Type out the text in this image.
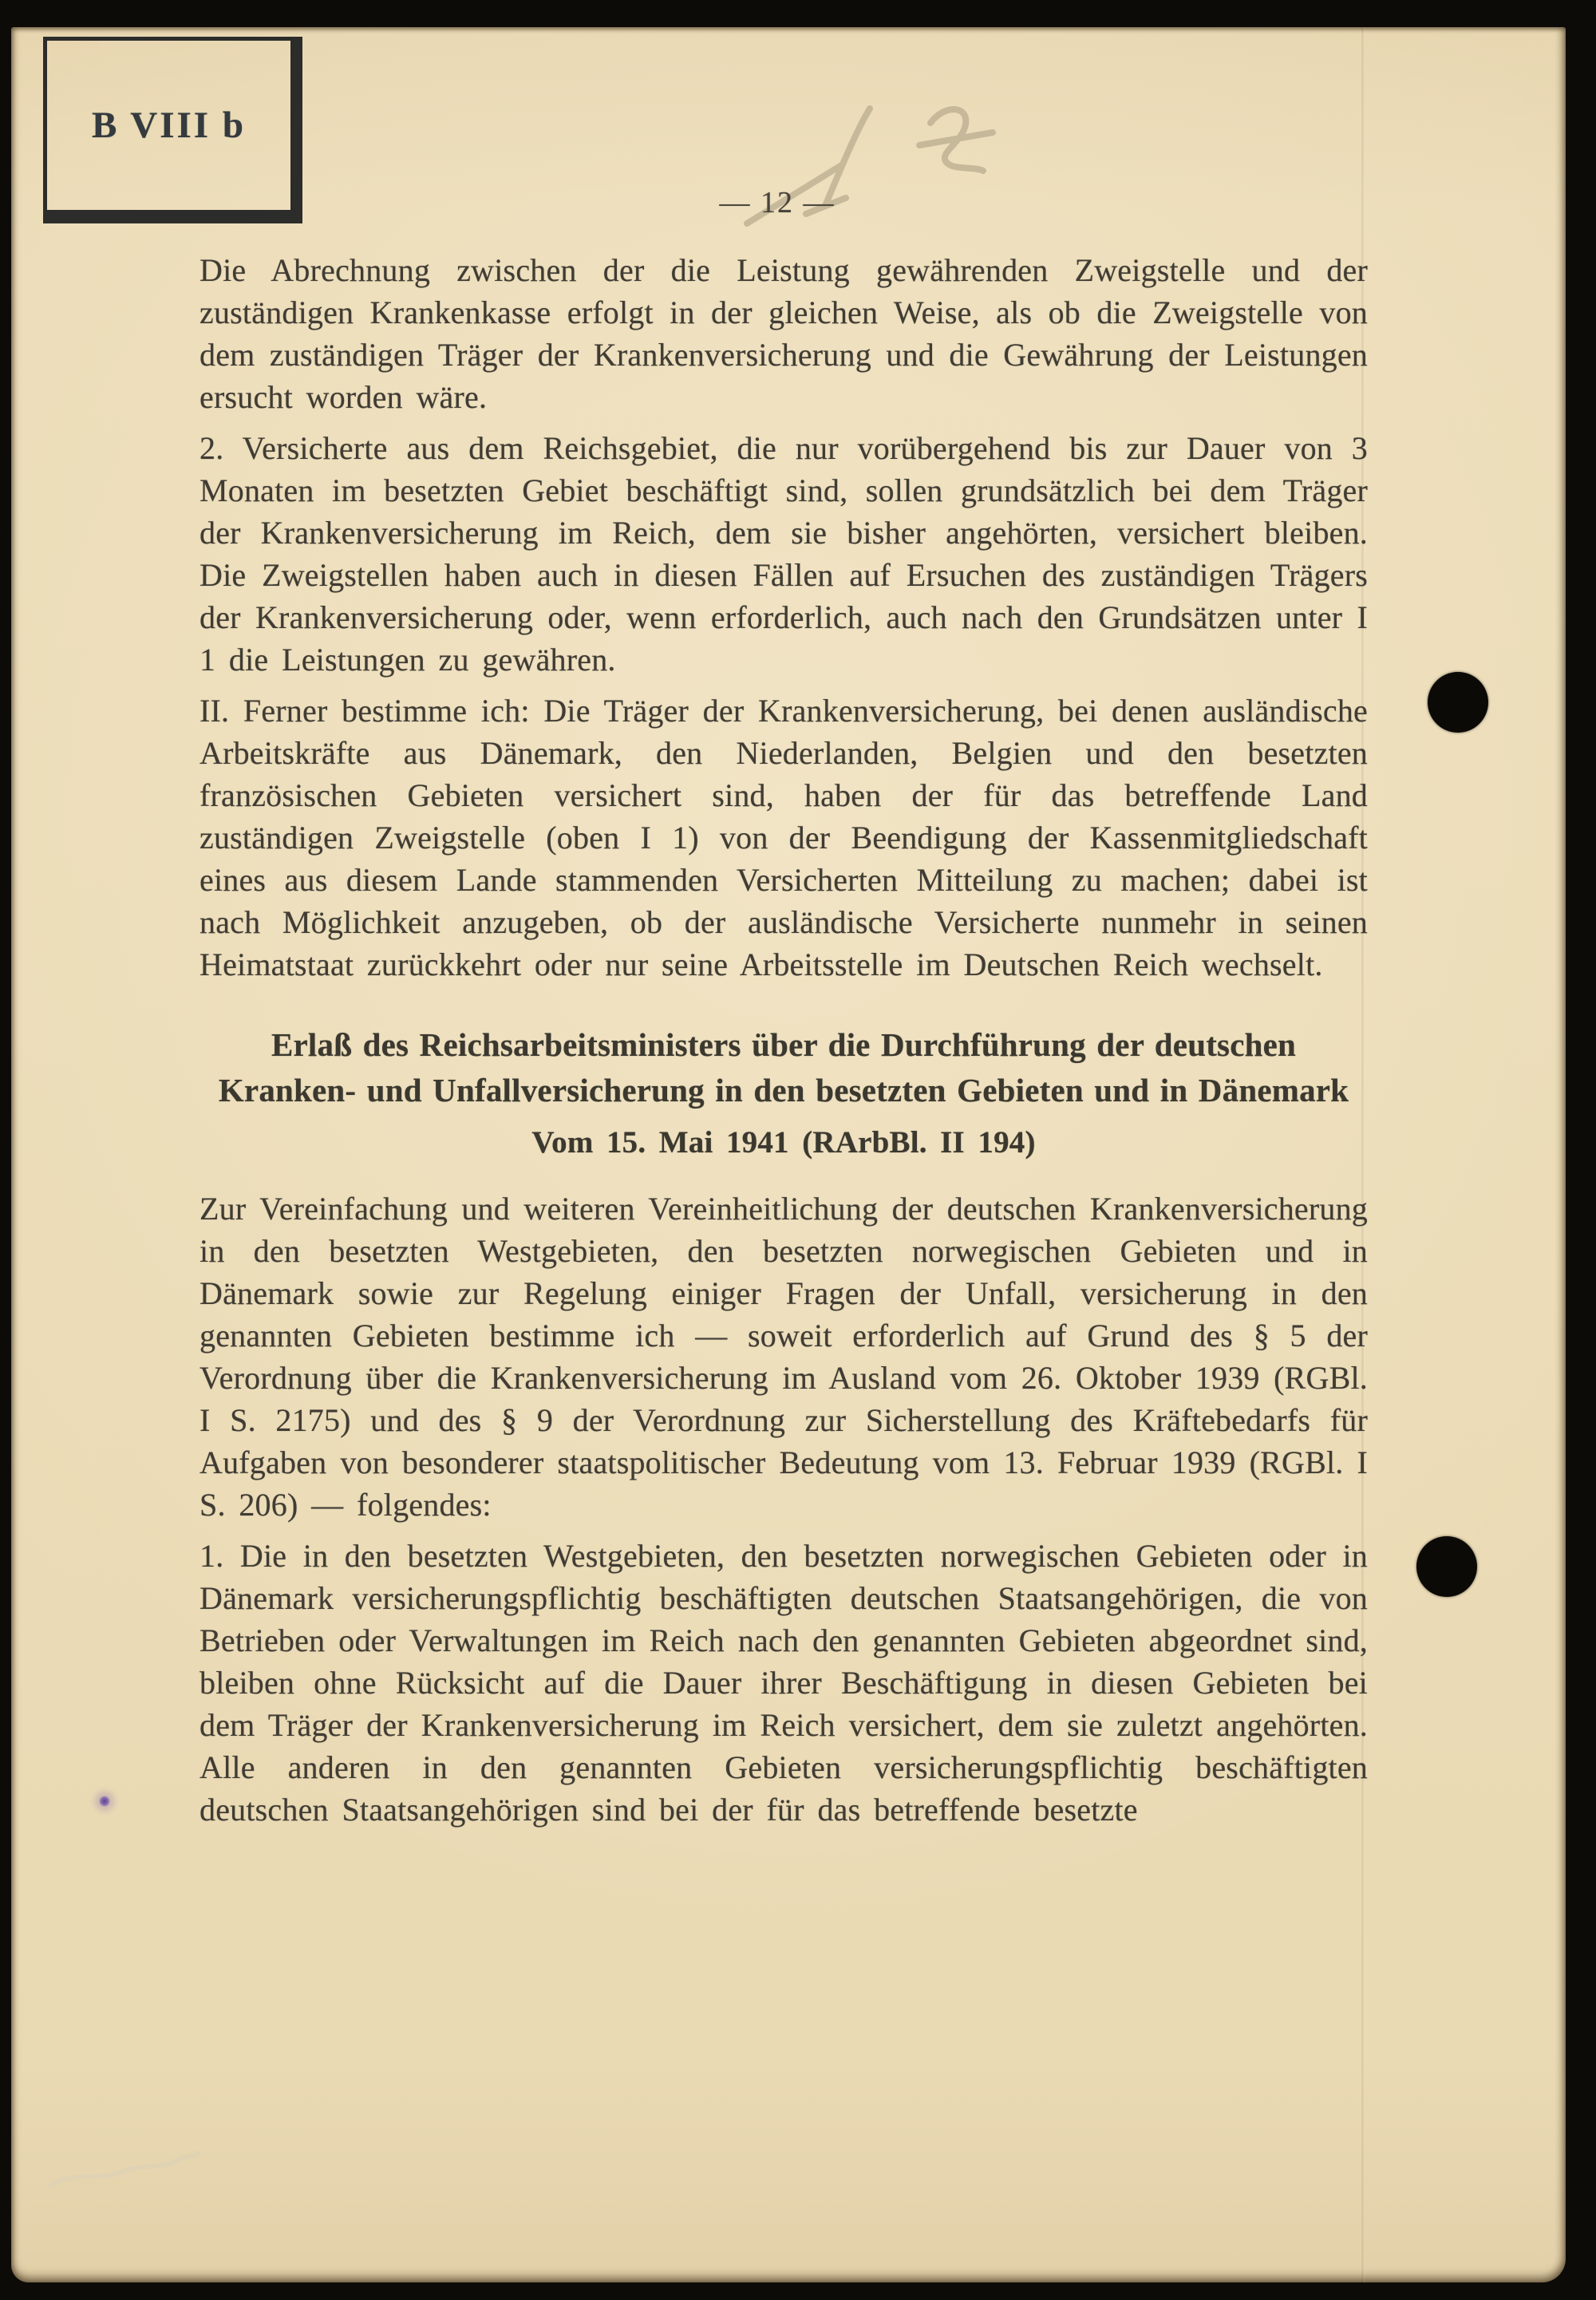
B VIII b
— 12 —

Die Abrechnung zwischen der die Leistung gewährenden Zweigstelle und der zuständigen Krankenkasse erfolgt in der gleichen Weise, als ob die Zweigstelle von dem zuständigen Träger der Krankenversicherung und die Gewährung der Leistungen ersucht worden wäre.

2. Versicherte aus dem Reichsgebiet, die nur vorübergehend bis zur Dauer von 3 Monaten im besetzten Gebiet beschäftigt sind, sollen grundsätzlich bei dem Träger der Krankenversicherung im Reich, dem sie bisher angehörten, versichert bleiben. Die Zweigstellen haben auch in diesen Fällen auf Ersuchen des zuständigen Trägers der Krankenversicherung oder, wenn erforderlich, auch nach den Grundsätzen unter I 1 die Leistungen zu gewähren.

II. Ferner bestimme ich: Die Träger der Krankenversicherung, bei denen ausländische Arbeitskräfte aus Dänemark, den Niederlanden, Belgien und den besetzten französischen Gebieten versichert sind, haben der für das betreffende Land zuständigen Zweigstelle (oben I 1) von der Beendigung der Kassenmitgliedschaft eines aus diesem Lande stammenden Versicherten Mitteilung zu machen; dabei ist nach Möglichkeit anzugeben, ob der ausländische Versicherte nunmehr in seinen Heimatstaat zurückkehrt oder nur seine Arbeitsstelle im Deutschen Reich wechselt.

Erlaß des Reichsarbeitsministers über die Durchführung der deutschen Kranken- und Unfallversicherung in den besetzten Gebieten und in Dänemark
Vom 15. Mai 1941 (RArbBl. II 194)

Zur Vereinfachung und weiteren Vereinheitlichung der deutschen Krankenversicherung in den besetzten Westgebieten, den besetzten norwegischen Gebieten und in Dänemark sowie zur Regelung einiger Fragen der Unfall, versicherung in den genannten Gebieten bestimme ich — soweit erforderlich auf Grund des § 5 der Verordnung über die Krankenversicherung im Ausland vom 26. Oktober 1939 (RGBl. I S. 2175) und des § 9 der Verordnung zur Sicherstellung des Kräftebedarfs für Aufgaben von besonderer staatspolitischer Bedeutung vom 13. Februar 1939 (RGBl. I S. 206) — folgendes:

1. Die in den besetzten Westgebieten, den besetzten norwegischen Gebieten oder in Dänemark versicherungspflichtig beschäftigten deutschen Staatsangehörigen, die von Betrieben oder Verwaltungen im Reich nach den genannten Gebieten abgeordnet sind, bleiben ohne Rücksicht auf die Dauer ihrer Beschäftigung in diesen Gebieten bei dem Träger der Krankenversicherung im Reich versichert, dem sie zuletzt angehörten. Alle anderen in den genannten Gebieten versicherungspflichtig beschäftigten deutschen Staatsangehörigen sind bei der für das betreffende besetzte
